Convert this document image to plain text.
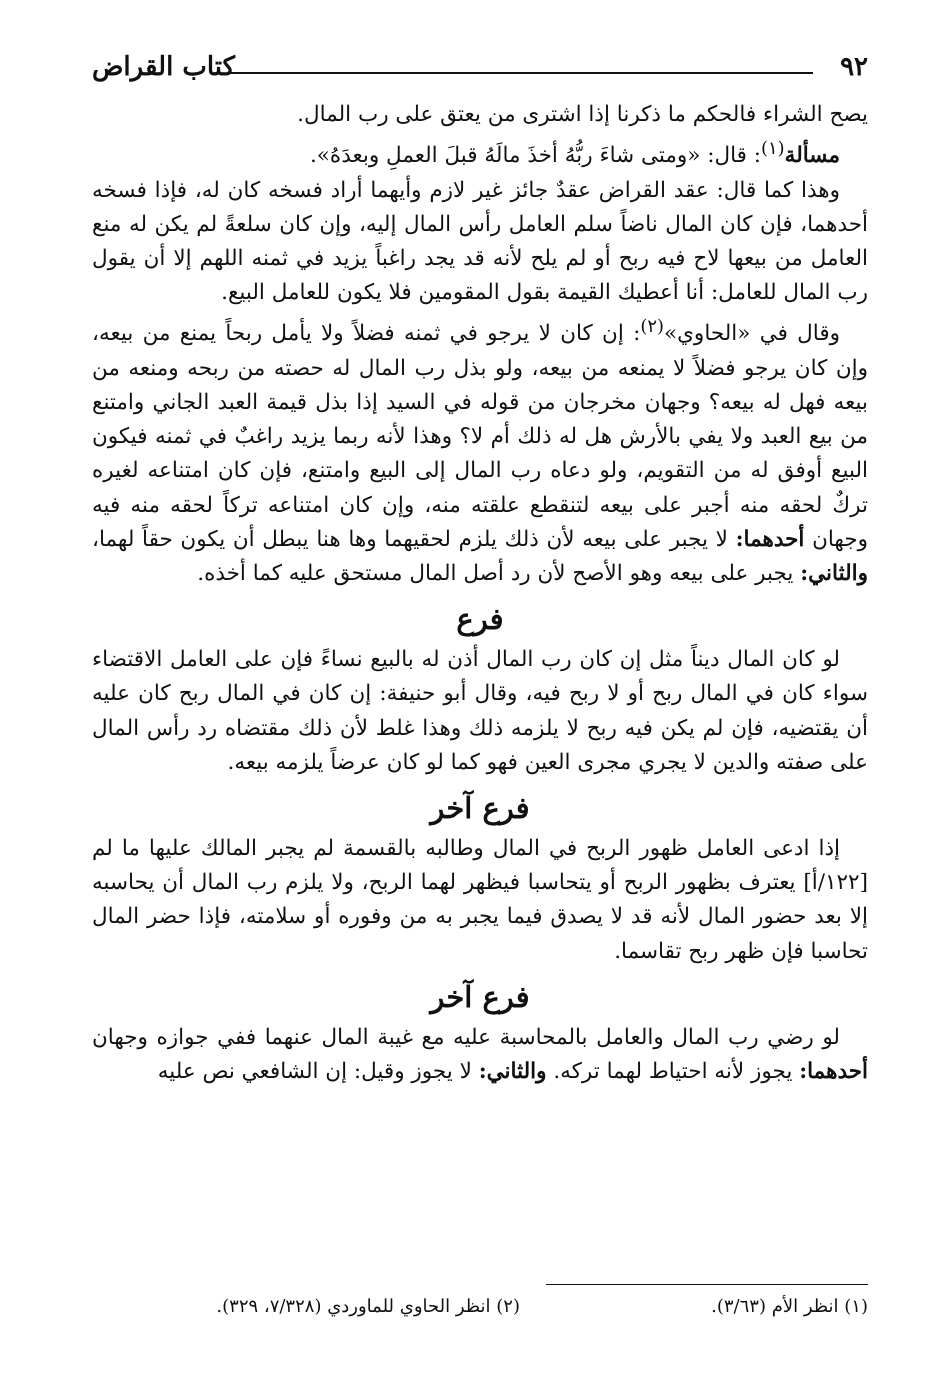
٩٢
كتاب القراض

يصح الشراء فالحكم ما ذكرنا إذا اشترى من يعتق على رب المال.

مسألة$^{(١)}$: قال: «ومتى شاءَ ربُّهُ أخذَ مالَهُ قبلَ العملِ وبعدَهُ».

وهذا كما قال: عقد القراض عقدٌ جائز غير لازم وأيهما أراد فسخه كان له، فإذا فسخه أحدهما، فإن كان المال ناضاً سلم العامل رأس المال إليه، وإن كان سلعةً لم يكن له منع العامل من بيعها لاح فيه ربح أو لم يلح لأنه قد يجد راغباً يزيد في ثمنه اللهم إلا أن يقول رب المال للعامل: أنا أعطيك القيمة بقول المقومين فلا يكون للعامل البيع.

وقال في «الحاوي»$^{(٢)}$: إن كان لا يرجو في ثمنه فضلاً ولا يأمل ربحاً يمنع من بيعه، وإن كان يرجو فضلاً لا يمنعه من بيعه، ولو بذل رب المال له حصته من ربحه ومنعه من بيعه فهل له بيعه؟ وجهان مخرجان من قوله في السيد إذا بذل قيمة العبد الجاني وامتنع من بيع العبد ولا يفي بالأرش هل له ذلك أم لا؟ وهذا لأنه ربما يزيد راغبٌ في ثمنه فيكون البيع أوفق له من التقويم، ولو دعاه رب المال إلى البيع وامتنع، فإن كان امتناعه لغيره تركٌ لحقه منه أجبر على بيعه لتنقطع علقته منه، وإن كان امتناعه تركاً لحقه منه فيه وجهان أحدهما: لا يجبر على بيعه لأن ذلك يلزم لحقيهما وها هنا يبطل أن يكون حقاً لهما، والثاني: يجبر على بيعه وهو الأصح لأن رد أصل المال مستحق عليه كما أخذه.

فرع

لو كان المال ديناً مثل إن كان رب المال أذن له بالبيع نساءً فإن على العامل الاقتضاء سواء كان في المال ربح أو لا ربح فيه، وقال أبو حنيفة: إن كان في المال ربح كان عليه أن يقتضيه، فإن لم يكن فيه ربح لا يلزمه ذلك وهذا غلط لأن ذلك مقتضاه رد رأس المال على صفته والدين لا يجري مجرى العين فهو كما لو كان عرضاً يلزمه بيعه.

فرع آخر

إذا ادعى العامل ظهور الربح في المال وطالبه بالقسمة لم يجبر المالك عليها ما لم [١٢٢/أ] يعترف بظهور الربح أو يتحاسبا فيظهر لهما الربح، ولا يلزم رب المال أن يحاسبه إلا بعد حضور المال لأنه قد لا يصدق فيما يجبر به من وفوره أو سلامته، فإذا حضر المال تحاسبا فإن ظهر ربح تقاسما.

فرع آخر

لو رضي رب المال والعامل بالمحاسبة عليه مع غيبة المال عنهما ففي جوازه وجهان أحدهما: يجوز لأنه احتياط لهما تركه. والثاني: لا يجوز وقيل: إن الشافعي نص عليه

(١) انظر الأم (٣/٦٣).
(٢) انظر الحاوي للماوردي (٧/٣٢٨، ٣٢٩).
